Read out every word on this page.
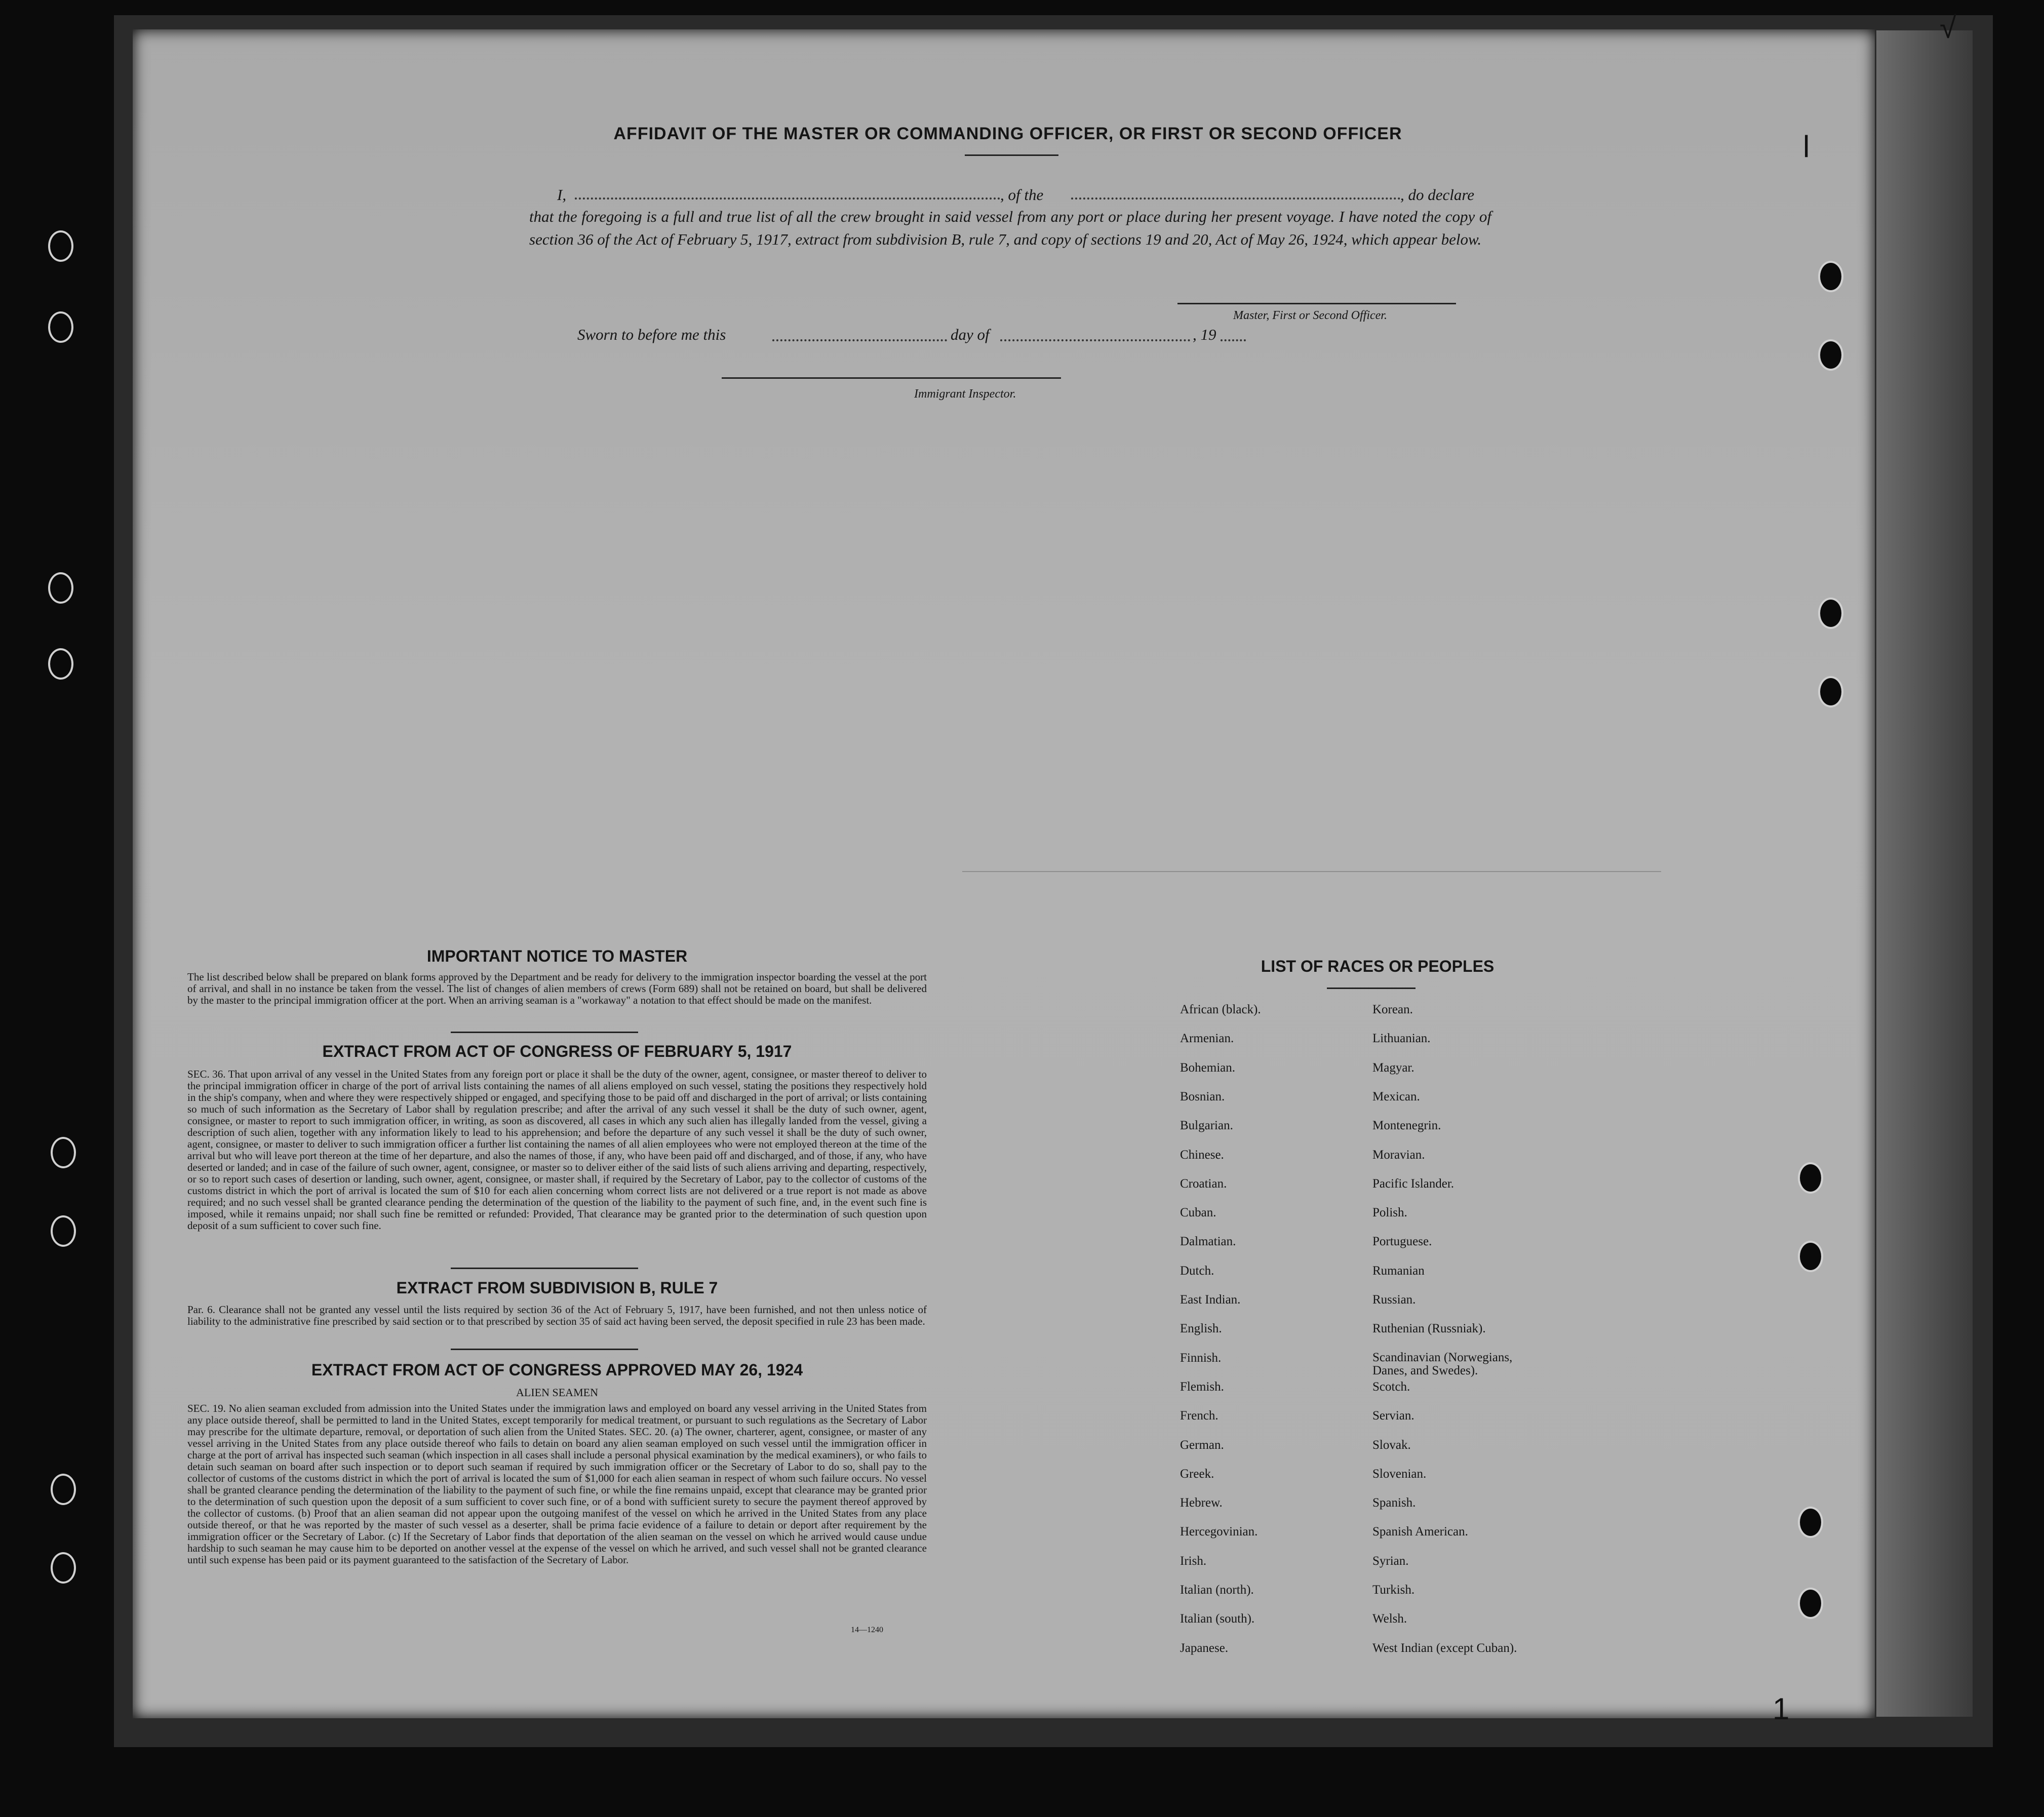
√
l
1
AFFIDAVIT OF THE MASTER OR COMMANDING OFFICER, OR FIRST OR SECOND OFFICER
I,	, of the	, do declare
that the foregoing is a full and true list of all the crew brought in said vessel from any port or place during her present voyage. I have noted the copy of section 36 of the Act of February 5, 1917, extract from subdivision B, rule 7, and copy of sections 19 and 20, Act of May 26, 1924, which appear below.
Master, First or Second Officer.
Sworn to before me this	day of	, 19
Immigrant Inspector.
IMPORTANT NOTICE TO MASTER
The list described below shall be prepared on blank forms approved by the Department and be ready for delivery to the immigration inspector boarding the vessel at the port of arrival, and shall in no instance be taken from the vessel. The list of changes of alien members of crews (Form 689) shall not be retained on board, but shall be delivered by the master to the principal immigration officer at the port. When an arriving seaman is a "workaway" a notation to that effect should be made on the manifest.
EXTRACT FROM ACT OF CONGRESS OF FEBRUARY 5, 1917
SEC. 36. That upon arrival of any vessel in the United States from any foreign port or place it shall be the duty of the owner, agent, consignee, or master thereof to deliver to the principal immigration officer in charge of the port of arrival lists containing the names of all aliens employed on such vessel, stating the positions they respectively hold in the ship's company, when and where they were respectively shipped or engaged, and specifying those to be paid off and discharged in the port of arrival; or lists containing so much of such information as the Secretary of Labor shall by regulation prescribe; and after the arrival of any such vessel it shall be the duty of such owner, agent, consignee, or master to report to such immigration officer, in writing, as soon as discovered, all cases in which any such alien has illegally landed from the vessel, giving a description of such alien, together with any information likely to lead to his apprehension; and before the departure of any such vessel it shall be the duty of such owner, agent, consignee, or master to deliver to such immigration officer a further list containing the names of all alien employees who were not employed thereon at the time of the arrival but who will leave port thereon at the time of her departure, and also the names of those, if any, who have been paid off and discharged, and of those, if any, who have deserted or landed; and in case of the failure of such owner, agent, consignee, or master so to deliver either of the said lists of such aliens arriving and departing, respectively, or so to report such cases of desertion or landing, such owner, agent, consignee, or master shall, if required by the Secretary of Labor, pay to the collector of customs of the customs district in which the port of arrival is located the sum of $10 for each alien concerning whom correct lists are not delivered or a true report is not made as above required; and no such vessel shall be granted clearance pending the determination of the question of the liability to the payment of such fine, and, in the event such fine is imposed, while it remains unpaid; nor shall such fine be remitted or refunded: Provided, That clearance may be granted prior to the determination of such question upon deposit of a sum sufficient to cover such fine.
EXTRACT FROM SUBDIVISION B, RULE 7
Par. 6. Clearance shall not be granted any vessel until the lists required by section 36 of the Act of February 5, 1917, have been furnished, and not then unless notice of liability to the administrative fine prescribed by said section or to that prescribed by section 35 of said act having been served, the deposit specified in rule 23 has been made.
EXTRACT FROM ACT OF CONGRESS APPROVED MAY 26, 1924
ALIEN SEAMEN
SEC. 19. No alien seaman excluded from admission into the United States under the immigration laws and employed on board any vessel arriving in the United States from any place outside thereof, shall be permitted to land in the United States, except temporarily for medical treatment, or pursuant to such regulations as the Secretary of Labor may prescribe for the ultimate departure, removal, or deportation of such alien from the United States. SEC. 20. (a) The owner, charterer, agent, consignee, or master of any vessel arriving in the United States from any place outside thereof who fails to detain on board any alien seaman employed on such vessel until the immigration officer in charge at the port of arrival has inspected such seaman (which inspection in all cases shall include a personal physical examination by the medical examiners), or who fails to detain such seaman on board after such inspection or to deport such seaman if required by such immigration officer or the Secretary of Labor to do so, shall pay to the collector of customs of the customs district in which the port of arrival is located the sum of $1,000 for each alien seaman in respect of whom such failure occurs. No vessel shall be granted clearance pending the determination of the liability to the payment of such fine, or while the fine remains unpaid, except that clearance may be granted prior to the determination of such question upon the deposit of a sum sufficient to cover such fine, or of a bond with sufficient surety to secure the payment thereof approved by the collector of customs. (b) Proof that an alien seaman did not appear upon the outgoing manifest of the vessel on which he arrived in the United States from any place outside thereof, or that he was reported by the master of such vessel as a deserter, shall be prima facie evidence of a failure to detain or deport after requirement by the immigration officer or the Secretary of Labor. (c) If the Secretary of Labor finds that deportation of the alien seaman on the vessel on which he arrived would cause undue hardship to such seaman he may cause him to be deported on another vessel at the expense of the vessel on which he arrived, and such vessel shall not be granted clearance until such expense has been paid or its payment guaranteed to the satisfaction of the Secretary of Labor.
14—1240
LIST OF RACES OR PEOPLES
African (black).
Armenian.
Bohemian.
Bosnian.
Bulgarian.
Chinese.
Croatian.
Cuban.
Dalmatian.
Dutch.
East Indian.
English.
Finnish.
Flemish.
French.
German.
Greek.
Hebrew.
Hercegovinian.
Irish.
Italian (north).
Italian (south).
Japanese.
Korean.
Lithuanian.
Magyar.
Mexican.
Montenegrin.
Moravian.
Pacific Islander.
Polish.
Portuguese.
Rumanian
Russian.
Ruthenian (Russniak).
Scandinavian (Norwegians, Danes, and Swedes).
Scotch.
Servian.
Slovak.
Slovenian.
Spanish.
Spanish American.
Syrian.
Turkish.
Welsh.
West Indian (except Cuban).
